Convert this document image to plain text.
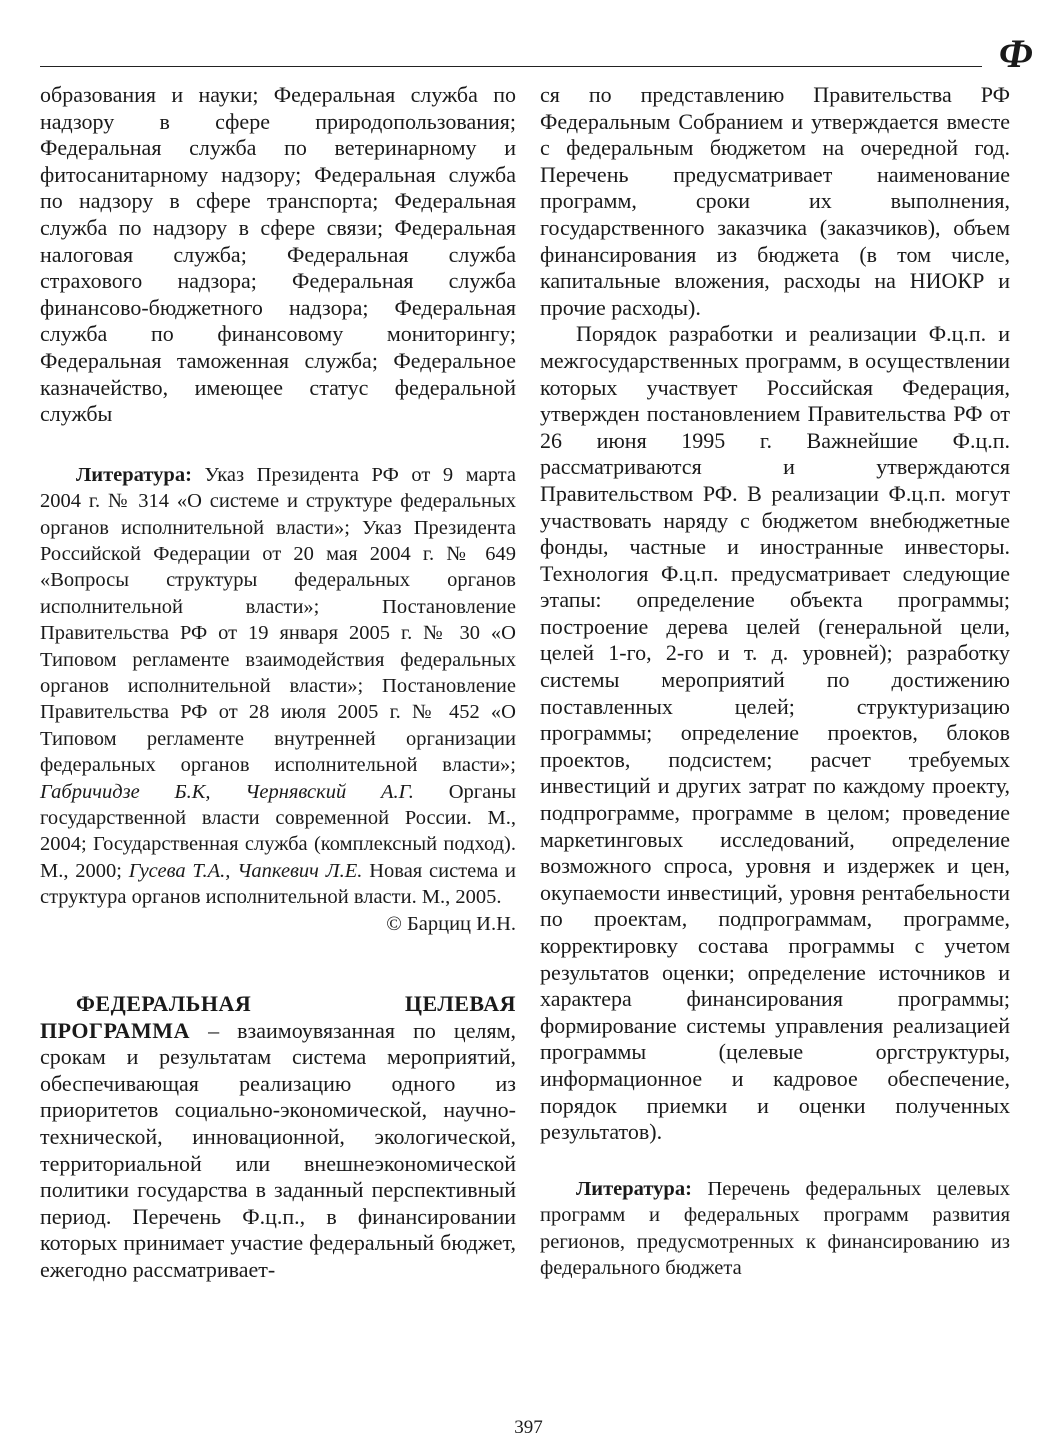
Ф

образования и науки; Федеральная служба по надзору в сфере природопользования; Федеральная служба по ветеринарному и фитосанитарному надзору; Федеральная служба по надзору в сфере транспорта; Федеральная служба по надзору в сфере связи; Федеральная налоговая служба; Федеральная служба страхового надзора; Федеральная служба финансово-бюджетного надзора; Федеральная служба по финансовому мониторингу; Федеральная таможенная служба; Федеральное казначейство, имеющее статус федеральной службы

Литература: Указ Президента РФ от 9 марта 2004 г. № 314 «О системе и структуре федеральных органов исполнительной власти»; Указ Президента Российской Федерации от 20 мая 2004 г. № 649 «Вопросы структуры федеральных органов исполнительной власти»; Постановление Правительства РФ от 19 января 2005 г. № 30 «О Типовом регламенте взаимодействия федеральных органов исполнительной власти»; Постановление Правительства РФ от 28 июля 2005 г. № 452 «О Типовом регламенте внутренней организации федеральных органов исполнительной власти»; Габричидзе Б.К, Чернявский А.Г. Органы государственной власти современной России. М., 2004; Государственная служба (комплексный подход). М., 2000; Гусева Т.А., Чапкевич Л.Е. Новая система и структура органов исполнительной власти. М., 2005.

© Барциц И.Н.

ФЕДЕРАЛЬНАЯ ЦЕЛЕВАЯ ПРОГРАММА – взаимоувязанная по целям, срокам и результатам система мероприятий, обеспечивающая реализацию одного из приоритетов социально-экономической, научно-технической, инновационной, экологической, территориальной или внешнеэкономической политики государства в заданный перспективный период. Перечень Ф.ц.п., в финансировании которых принимает участие федеральный бюджет, ежегодно рассматривает-

ся по представлению Правительства РФ Федеральным Собранием и утверждается вместе с федеральным бюджетом на очередной год. Перечень предусматривает наименование программ, сроки их выполнения, государственного заказчика (заказчиков), объем финансирования из бюджета (в том числе, капитальные вложения, расходы на НИОКР и прочие расходы).

Порядок разработки и реализации Ф.ц.п. и межгосударственных программ, в осуществлении которых участвует Российская Федерация, утвержден постановлением Правительства РФ от 26 июня 1995 г. Важнейшие Ф.ц.п. рассматриваются и утверждаются Правительством РФ. В реализации Ф.ц.п. могут участвовать наряду с бюджетом внебюджетные фонды, частные и иностранные инвесторы. Технология Ф.ц.п. предусматривает следующие этапы: определение объекта программы; построение дерева целей (генеральной цели, целей 1-го, 2-го и т. д. уровней); разработку системы мероприятий по достижению поставленных целей; структуризацию программы; определение проектов, блоков проектов, подсистем; расчет требуемых инвестиций и других затрат по каждому проекту, подпрограмме, программе в целом; проведение маркетинговых исследований, определение возможного спроса, уровня и издержек и цен, окупаемости инвестиций, уровня рентабельности по проектам, подпрограммам, программе, корректировку состава программы с учетом результатов оценки; определение источников и характера финансирования программы; формирование системы управления реализацией программы (целевые оргструктуры, информационное и кадровое обеспечение, порядок приемки и оценки полученных результатов).

Литература: Перечень федеральных целевых программ и федеральных программ развития регионов, предусмотренных к финансированию из федерального бюджета

397
